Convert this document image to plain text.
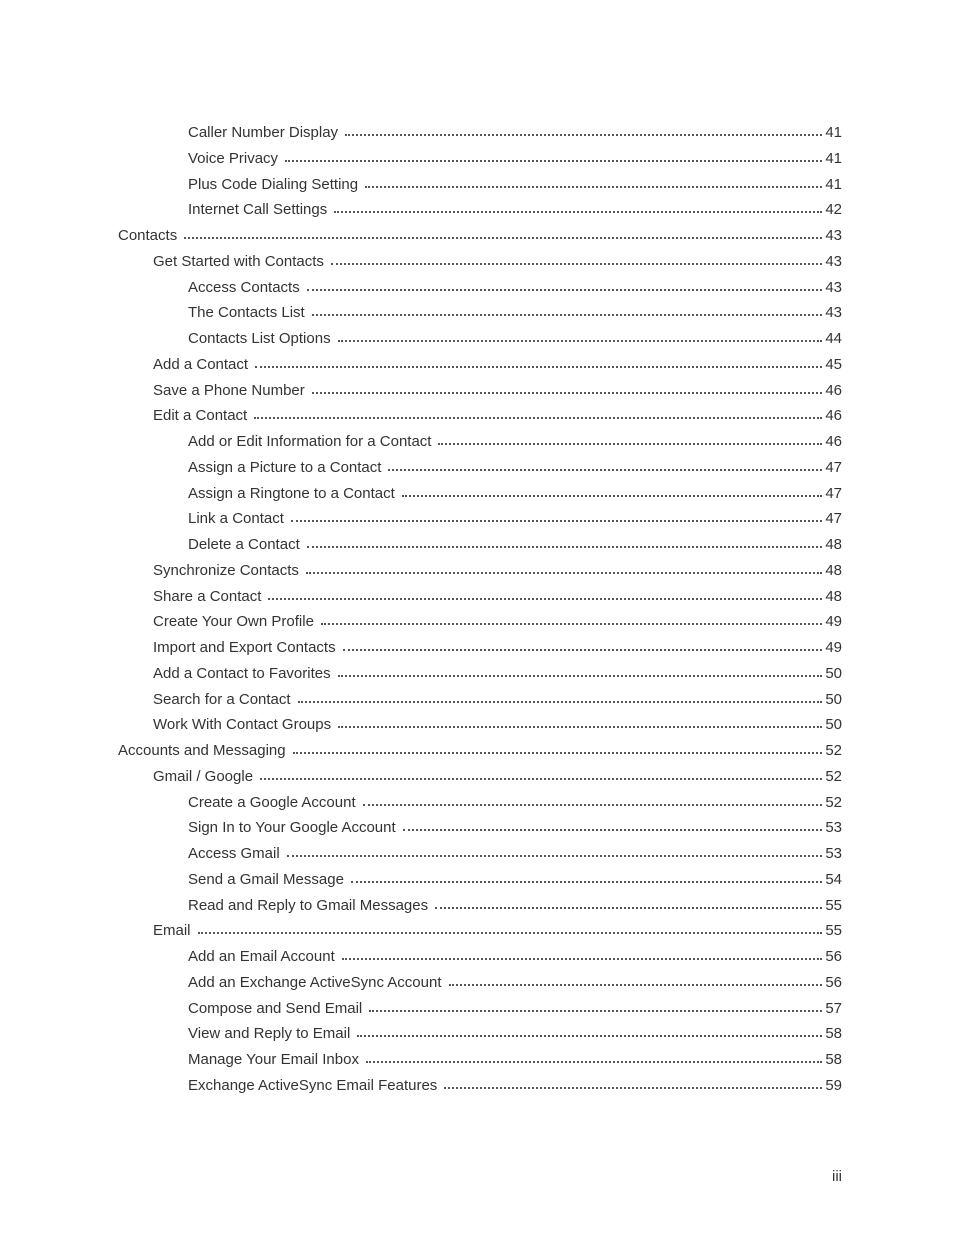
Caller Number Display	41
Voice Privacy	41
Plus Code Dialing Setting	41
Internet Call Settings	42
Contacts	43
Get Started with Contacts	43
Access Contacts	43
The Contacts List	43
Contacts List Options	44
Add a Contact	45
Save a Phone Number	46
Edit a Contact	46
Add or Edit Information for a Contact	46
Assign a Picture to a Contact	47
Assign a Ringtone to a Contact	47
Link a Contact	47
Delete a Contact	48
Synchronize Contacts	48
Share a Contact	48
Create Your Own Profile	49
Import and Export Contacts	49
Add a Contact to Favorites	50
Search for a Contact	50
Work With Contact Groups	50
Accounts and Messaging	52
Gmail / Google	52
Create a Google Account	52
Sign In to Your Google Account	53
Access Gmail	53
Send a Gmail Message	54
Read and Reply to Gmail Messages	55
Email	55
Add an Email Account	56
Add an Exchange ActiveSync Account	56
Compose and Send Email	57
View and Reply to Email	58
Manage Your Email Inbox	58
Exchange ActiveSync Email Features	59
iii
